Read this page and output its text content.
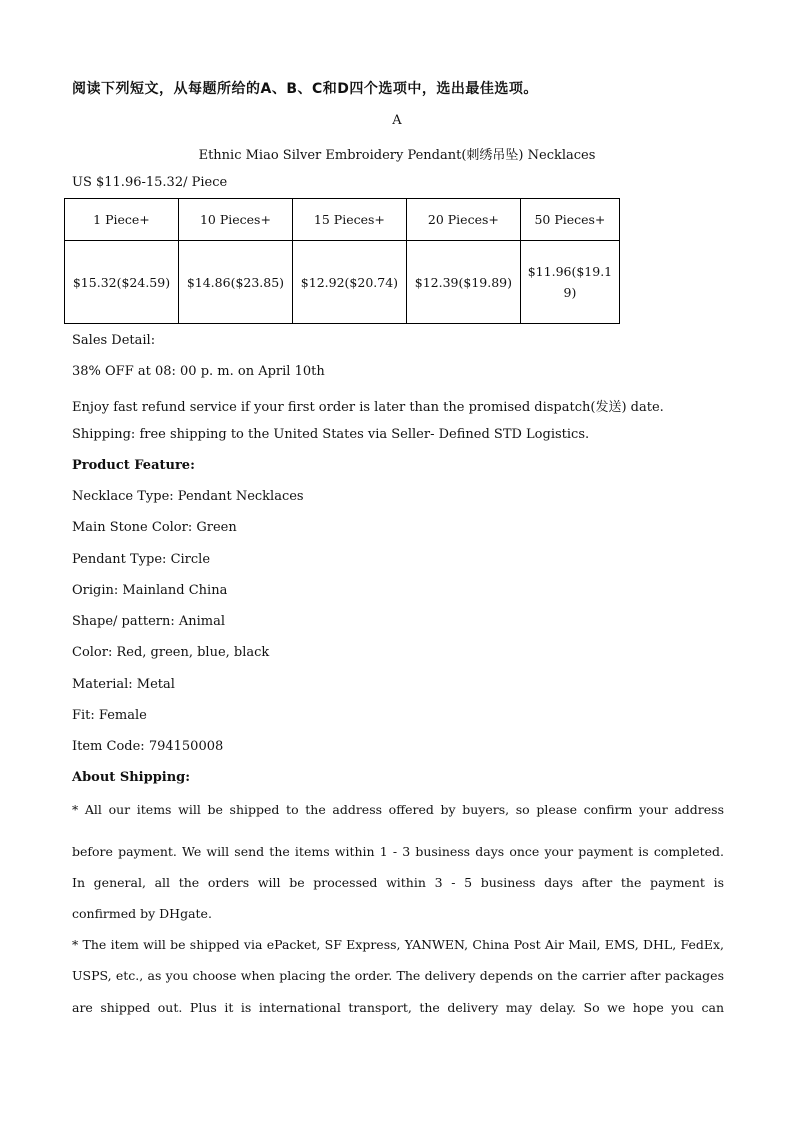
阅读下列短文，从每题所给的A、B、C和D四个选项中，选出最佳选项。
A
Ethnic Miao Silver Embroidery Pendant(刺绣吊坠) Necklaces
US $11.96-15.32/ Piece
1 Piece+	10 Pieces+	15 Pieces+	20 Pieces+	50 Pieces+
$15.32($24.59)	$14.86($23.85)	$12.92($20.74)	$12.39($19.89)	$11.96($19.1
9)
Sales Detail:
38% OFF at 08: 00 p. m. on April 10th
Enjoy fast refund service if your first order is later than the promised dispatch(发送) date.
Shipping: free shipping to the United States via Seller- Defined STD Logistics.
Product Feature:
Necklace Type: Pendant Necklaces
Main Stone Color: Green
Pendant Type: Circle
Origin: Mainland China
Shape/ pattern: Animal
Color: Red, green, blue, black
Material: Metal
Fit: Female
Item Code: 794150008
About Shipping:
* All our items will be shipped to the address offered by buyers, so please confirm your address
before payment. We will send the items within 1 - 3 business days once your payment is completed.
In general, all the orders will be processed within 3 - 5 business days after the payment is
confirmed by DHgate.
* The item will be shipped via ePacket, SF Express, YANWEN, China Post Air Mail, EMS, DHL, FedEx,
USPS, etc., as you choose when placing the order. The delivery depends on the carrier after packages
are shipped out. Plus it is international transport, the delivery may delay. So we hope you can
